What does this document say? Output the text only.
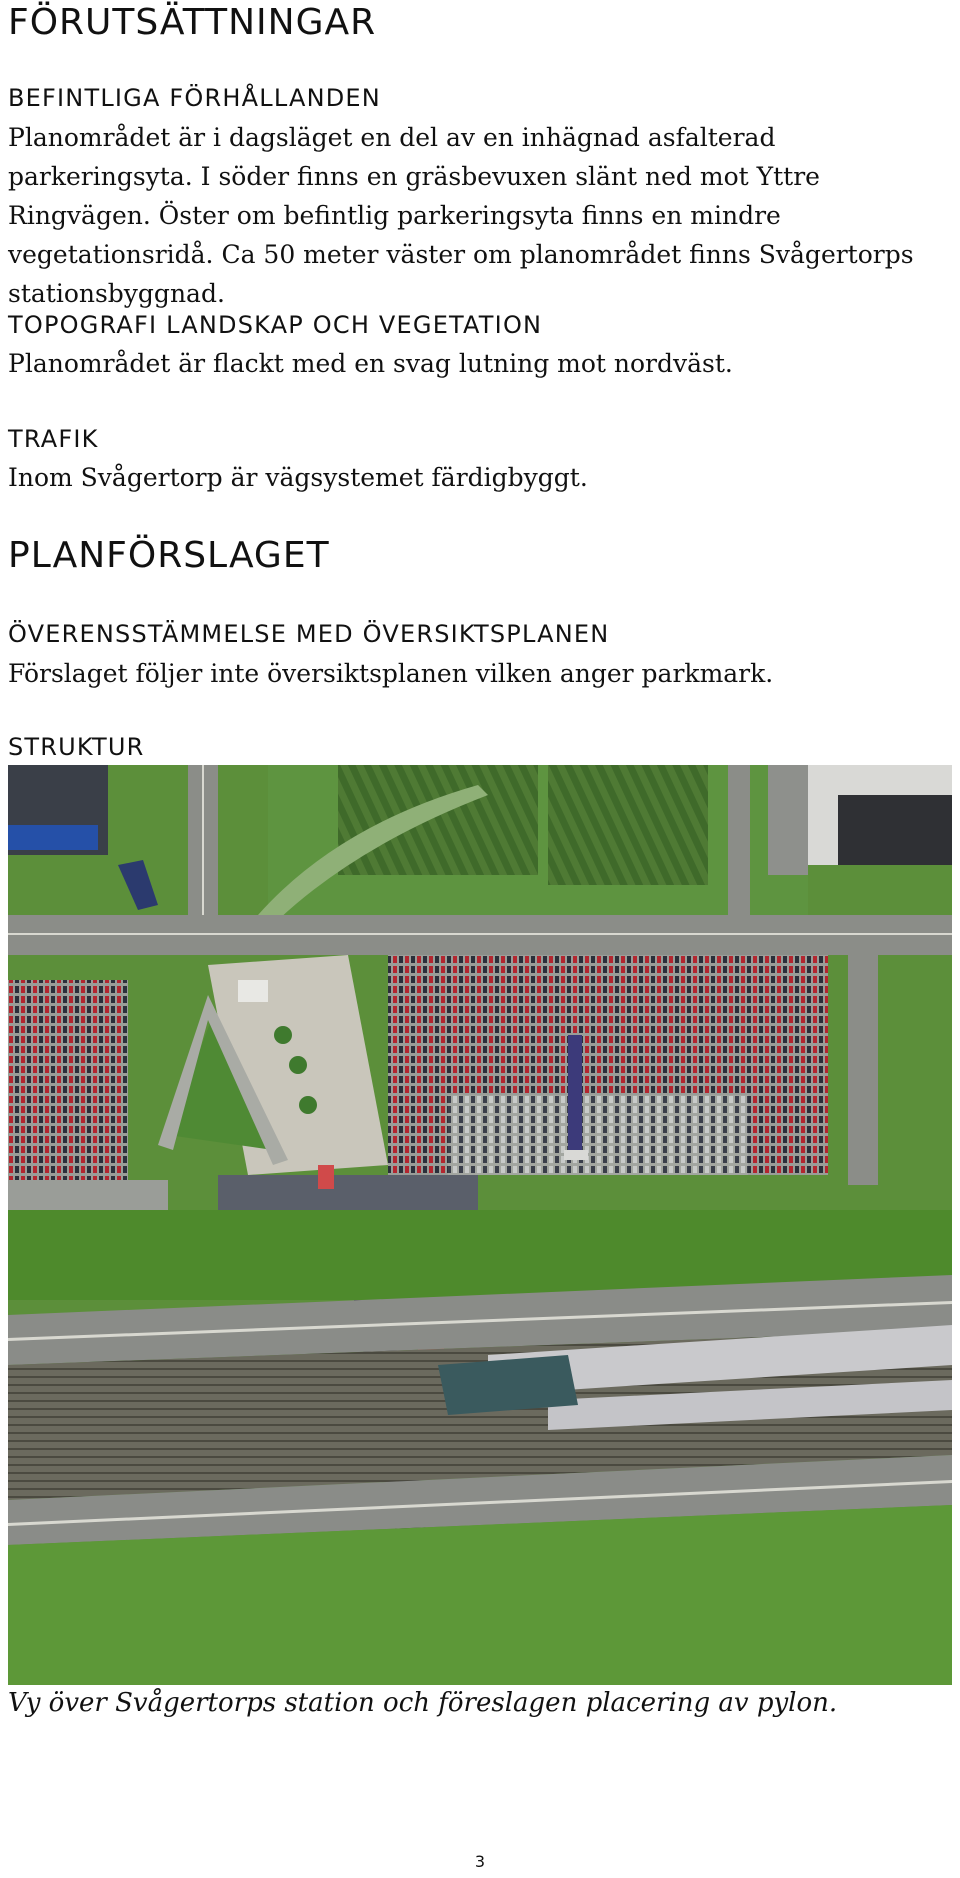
FÖRUTSÄTTNINGAR
BEFINTLIGA FÖRHÅLLANDEN

Planområdet är i dagsläget en del av en inhägnad asfalterad parkeringsyta. I söder finns en gräsbevuxen slänt ned mot Yttre Ringvägen. Öster om befintlig parkeringsyta finns en mindre vegetationsridå. Ca 50 meter väster om planområdet finns Svågertorps stationsbyggnad.

TOPOGRAFI LANDSKAP OCH VEGETATION

Planområdet är flackt med en svag lutning mot nordväst.

TRAFIK

Inom Svågertorp är vägsystemet färdigbyggt.

PLANFÖRSLAGET
ÖVERENSSTÄMMELSE MED ÖVERSIKTSPLANEN

Förslaget följer inte översiktsplanen vilken anger parkmark.

STRUKTUR

Vy över Svågertorps station och föreslagen placering av pylon.

3
